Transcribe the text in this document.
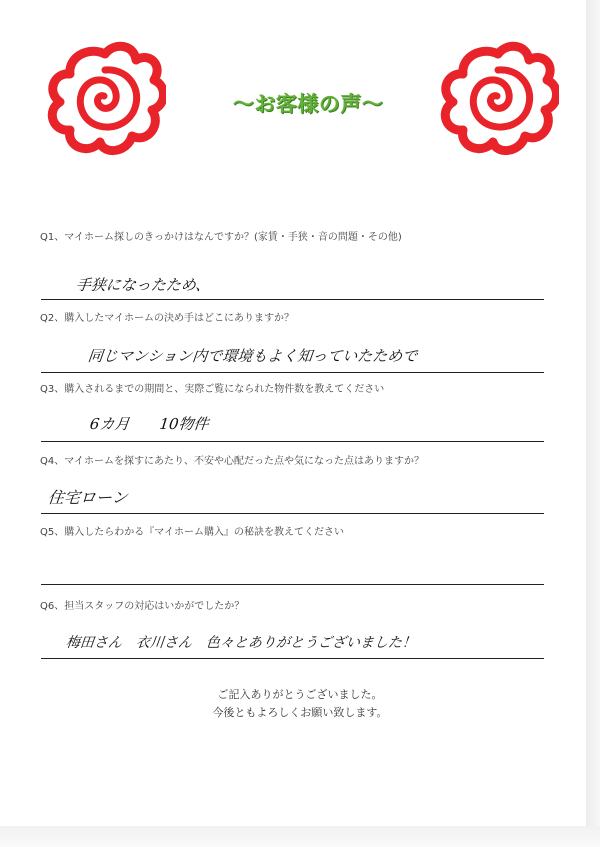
～お客様の声～
Q1、マイホーム探しのきっかけはなんですか？(家賃・手狭・音の問題・その他)
手狭になったため、
Q2、購入したマイホームの決め手はどこにありますか？
同じマンション内で環境もよく知っていたためで
Q3、購入されるまでの期間と、実際ご覧になられた物件数を教えてください
6カ月　　10物件
Q4、マイホームを探すにあたり、不安や心配だった点や気になった点はありますか？
住宅ローン
Q5、購入したらわかる『マイホーム購入』の秘訣を教えてください
Q6、担当スタッフの対応はいかがでしたか？
梅田さん　衣川さん　色々とありがとうございました！
ご記入ありがとうございました。
今後ともよろしくお願い致します。
